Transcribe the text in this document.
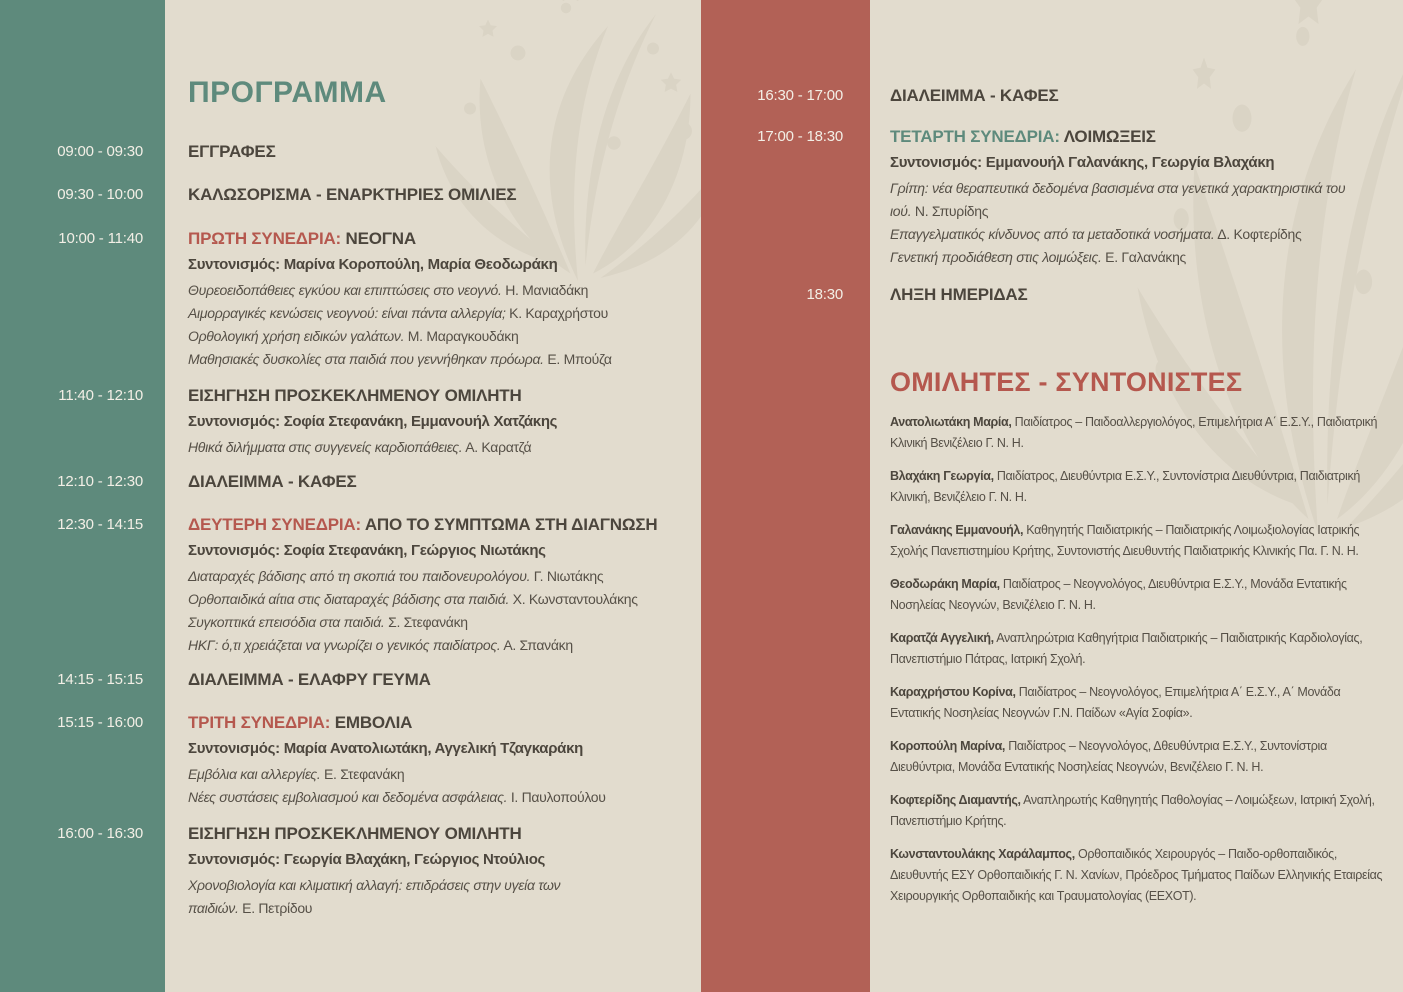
ΠΡΟΓΡΑΜΜΑ
09:00 - 09:30	ΕΓΓΡΑΦΕΣ
09:30 - 10:00	ΚΑΛΩΣΟΡΙΣΜΑ - ΕΝΑΡΚΤΗΡΙΕΣ ΟΜΙΛΙΕΣ
10:00 - 11:40	ΠΡΩΤΗ ΣΥΝΕΔΡΙΑ: ΝΕΟΓΝΑ
Συντονισμός: Μαρίνα Κοροπούλη, Μαρία Θεοδωράκη
Θυρεοειδοπάθειες εγκύου και επιπτώσεις στο νεογνό. Η. Μανιαδάκη
Αιμορραγικές κενώσεις νεογνού: είναι πάντα αλλεργία; Κ. Καραχρήστου
Ορθολογική χρήση ειδικών γαλάτων. Μ. Μαραγκουδάκη
Μαθησιακές δυσκολίες στα παιδιά που γεννήθηκαν πρόωρα. Ε. Μπούζα
11:40 - 12:10	ΕΙΣΗΓΗΣΗ ΠΡΟΣΚΕΚΛΗΜΕΝΟΥ ΟΜΙΛΗΤΗ
Συντονισμός: Σοφία Στεφανάκη, Εμμανουήλ Χατζάκης
Ηθικά διλήμματα στις συγγενείς καρδιοπάθειες. Α. Καρατζά
12:10 - 12:30	ΔΙΑΛΕΙΜΜΑ - ΚΑΦΕΣ
12:30 - 14:15	ΔΕΥΤΕΡΗ ΣΥΝΕΔΡΙΑ: ΑΠΟ ΤΟ ΣΥΜΠΤΩΜΑ ΣΤΗ ΔΙΑΓΝΩΣΗ
Συντονισμός: Σοφία Στεφανάκη, Γεώργιος Νιωτάκης
Διαταραχές βάδισης από τη σκοπιά του παιδονευρολόγου. Γ. Νιωτάκης
Ορθοπαιδικά αίτια στις διαταραχές βάδισης στα παιδιά. Χ. Κωνσταντουλάκης
Συγκοπτικά επεισόδια στα παιδιά. Σ. Στεφανάκη
ΗΚΓ: ό,τι χρειάζεται να γνωρίζει ο γενικός παιδίατρος. Α. Σπανάκη
14:15 - 15:15	ΔΙΑΛΕΙΜΜΑ - ΕΛΑΦΡΥ ΓΕΥΜΑ
15:15 - 16:00	ΤΡΙΤΗ ΣΥΝΕΔΡΙΑ: ΕΜΒΟΛΙΑ
Συντονισμός: Μαρία Ανατολιωτάκη, Αγγελική Τζαγκαράκη
Εμβόλια και αλλεργίες. Ε. Στεφανάκη
Νέες συστάσεις εμβολιασμού και δεδομένα ασφάλειας. Ι. Παυλοπούλου
16:00 - 16:30	ΕΙΣΗΓΗΣΗ ΠΡΟΣΚΕΚΛΗΜΕΝΟΥ ΟΜΙΛΗΤΗ
Συντονισμός: Γεωργία Βλαχάκη, Γεώργιος Ντούλιος
Χρονοβιολογία και κλιματική αλλαγή: επιδράσεις στην υγεία των παιδιών. Ε. Πετρίδου
16:30 - 17:00	ΔΙΑΛΕΙΜΜΑ - ΚΑΦΕΣ
17:00 - 18:30	ΤΕΤΑΡΤΗ ΣΥΝΕΔΡΙΑ: ΛΟΙΜΩΞΕΙΣ
Συντονισμός: Εμμανουήλ Γαλανάκης, Γεωργία Βλαχάκη
Γρίπη: νέα θεραπευτικά δεδομένα βασισμένα στα γενετικά χαρακτηριστικά του ιού. Ν. Σπυρίδης
Επαγγελματικός κίνδυνος από τα μεταδοτικά νοσήματα. Δ. Κοφτερίδης
Γενετική προδιάθεση στις λοιμώξεις. Ε. Γαλανάκης
18:30	ΛΗΞΗ ΗΜΕΡΙΔΑΣ
ΟΜΙΛΗΤΕΣ - ΣΥΝΤΟΝΙΣΤΕΣ

Ανατολιωτάκη Μαρία, Παιδίατρος – Παιδοαλλεργιολόγος, Επιμελήτρια Α΄ Ε.Σ.Υ., Παιδιατρική Κλινική Βενιζέλειο Γ. Ν. Η.

Βλαχάκη Γεωργία, Παιδίατρος, Διευθύντρια Ε.Σ.Υ., Συντονίστρια Διευθύντρια, Παιδιατρική Κλινική, Βενιζέλειο Γ. Ν. Η.

Γαλανάκης Εμμανουήλ, Καθηγητής Παιδιατρικής – Παιδιατρικής Λοιμωξιολογίας Ιατρικής Σχολής Πανεπιστημίου Κρήτης, Συντονιστής Διευθυντής Παιδιατρικής Κλινικής Πα. Γ. Ν. Η.

Θεοδωράκη Μαρία, Παιδίατρος – Νεογνολόγος, Διευθύντρια Ε.Σ.Υ., Μονάδα Εντατικής Νοσηλείας Νεογνών, Βενιζέλειο Γ. Ν. Η.

Καρατζά Αγγελική, Αναπληρώτρια Καθηγήτρια Παιδιατρικής – Παιδιατρικής Καρδιολογίας, Πανεπιστήμιο Πάτρας, Ιατρική Σχολή.

Καραχρήστου Κορίνα, Παιδίατρος – Νεογνολόγος, Επιμελήτρια Α΄ Ε.Σ.Υ., Α΄ Μονάδα Εντατικής Νοσηλείας Νεογνών Γ.Ν. Παίδων «Αγία Σοφία».

Κοροπούλη Μαρίνα, Παιδίατρος – Νεογνολόγος, Δθευθύντρια Ε.Σ.Υ., Συντονίστρια Διευθύντρια, Μονάδα Εντατικής Νοσηλείας Νεογνών, Βενιζέλειο Γ. Ν. Η.

Κοφτερίδης Διαμαντής, Αναπληρωτής Καθηγητής Παθολογίας – Λοιμώξεων, Ιατρική Σχολή, Πανεπιστήμιο Κρήτης.

Κωνσταντουλάκης Χαράλαμπος, Ορθοπαιδικός Χειρουργός – Παιδο-ορθοπαιδικός, Διευθυντής ΕΣΥ Ορθοπαιδικής Γ. Ν. Χανίων, Πρόεδρος Τμήματος Παίδων Ελληνικής Εταιρείας Χειρουργικής Ορθοπαιδικής και Τραυματολογίας (ΕΕΧΟΤ).
